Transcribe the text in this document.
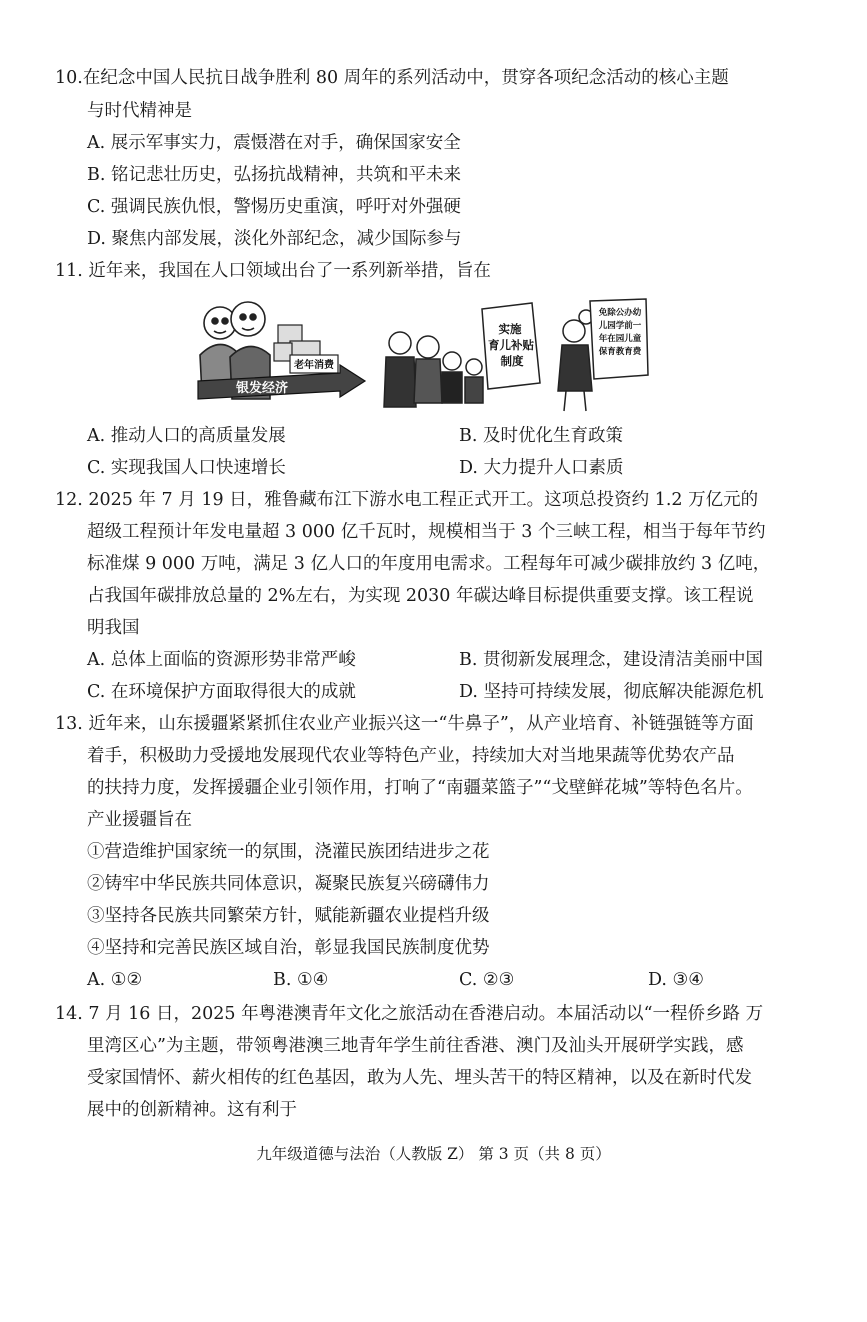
10.在纪念中国人民抗日战争胜利 80 周年的系列活动中，贯穿各项纪念活动的核心主题
与时代精神是
A. 展示军事实力，震慑潜在对手，确保国家安全
B. 铭记悲壮历史，弘扬抗战精神，共筑和平未来
C. 强调民族仇恨，警惕历史重演，呼吁对外强硬
D. 聚焦内部发展，淡化外部纪念，减少国际参与
11. 近年来，我国在人口领域出台了一系列新举措，旨在
老年消费
银发经济
实施
育儿补贴
制度
免除公办幼
儿园学前一
年在园儿童
保育教育费
A. 推动人口的高质量发展	B. 及时优化生育政策
C. 实现我国人口快速增长	D. 大力提升人口素质
12. 2025 年 7 月 19 日，雅鲁藏布江下游水电工程正式开工。这项总投资约 1.2 万亿元的
超级工程预计年发电量超 3 000 亿千瓦时，规模相当于 3 个三峡工程，相当于每年节约
标准煤 9 000 万吨，满足 3 亿人口的年度用电需求。工程每年可减少碳排放约 3 亿吨，
占我国年碳排放总量的 2%左右，为实现 2030 年碳达峰目标提供重要支撑。该工程说
明我国
A. 总体上面临的资源形势非常严峻	B. 贯彻新发展理念，建设清洁美丽中国
C. 在环境保护方面取得很大的成就	D. 坚持可持续发展，彻底解决能源危机
13. 近年来，山东援疆紧紧抓住农业产业振兴这一“牛鼻子”，从产业培育、补链强链等方面
着手，积极助力受援地发展现代农业等特色产业，持续加大对当地果蔬等优势农产品
的扶持力度，发挥援疆企业引领作用，打响了“南疆菜篮子”“戈壁鲜花城”等特色名片。
产业援疆旨在
①营造维护国家统一的氛围，浇灌民族团结进步之花
②铸牢中华民族共同体意识，凝聚民族复兴磅礴伟力
③坚持各民族共同繁荣方针，赋能新疆农业提档升级
④坚持和完善民族区域自治，彰显我国民族制度优势
A. ①②	B. ①④	C. ②③	D. ③④
14. 7 月 16 日，2025 年粤港澳青年文化之旅活动在香港启动。本届活动以“一程侨乡路 万
里湾区心”为主题，带领粤港澳三地青年学生前往香港、澳门及汕头开展研学实践，感
受家国情怀、薪火相传的红色基因，敢为人先、埋头苦干的特区精神，以及在新时代发
展中的创新精神。这有利于
九年级道德与法治（人教版 Z） 第 3 页（共 8 页）
